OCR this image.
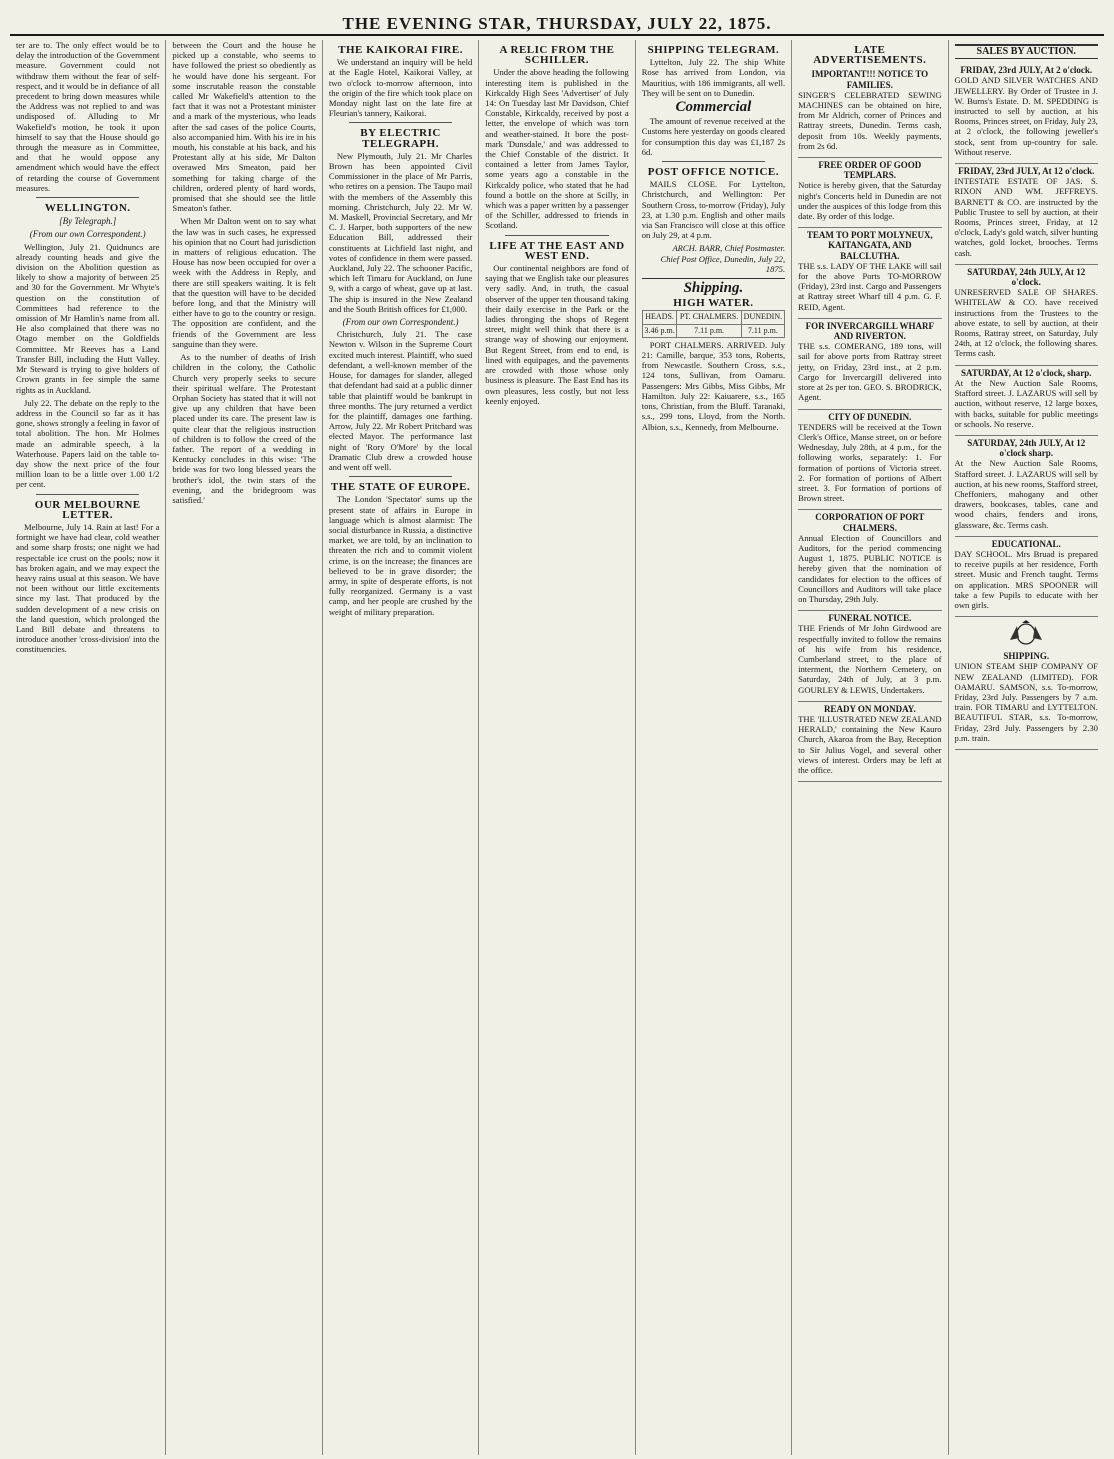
THE EVENING STAR, THURSDAY, JULY 22, 1875.

ter are to. The only effect would be to delay the introduction of the Government measure. Government could not withdraw them without the fear of self-respect, and it would be in defiance of all precedent to bring down measures while the Address was not replied to and was undisposed of. Alluding to Mr Wakefield's motion, he took it upon himself to say that the House should go through the measure as in Committee, and that he would oppose any amendment which would have the effect of retarding the course of Government measures.

WELLINGTON.
[By Telegraph.]
(From our own Correspondent.)

Wellington, July 21. Quidnuncs are already counting heads and give the division on the Abolition question as likely to show a majority of between 25 and 30 for the Government. Mr Whyte's question on the constitution of Committees had reference to the omission of Mr Hamlin's name from all. He also complained that there was no Otago member on the Goldfields Committee. Mr Reeves has a Land Transfer Bill, including the Hutt Valley. Mr Steward is trying to give holders of Crown grants in fee simple the same rights as in Auckland.

July 22. The debate on the reply to the address in the Council so far as it has gone, shows strongly a feeling in favor of total abolition. The hon. Mr Holmes made an admirable speech, à la Waterhouse. Papers laid on the table to-day show the next price of the four million loan to be a little over 1.00 1/2 per cent.

OUR MELBOURNE LETTER.

Melbourne, July 14. Rain at last! For a fortnight we have had clear, cold weather and some sharp frosts; one night we had respectable ice crust on the pools; now it has broken again, and we may expect the heavy rains usual at this season. We have not been without our little excitements since my last. That produced by the sudden development of a new crisis on the land question, which prolonged the Land Bill debate and threatens to introduce another 'cross-division' into the constituencies.

between the Court and the house he picked up a constable, who seems to have followed the priest so obediently as he would have done his sergeant. For some inscrutable reason the constable called Mr Wakefield's attention to the fact that it was not a Protestant minister and a mark of the mysterious, who leads after the sad cases of the police Courts, also accompanied him. With his ire in his mouth, his constable at his back, and his Protestant ally at his side, Mr Dalton overawed Mrs Smeaton, paid her something for taking charge of the children, ordered plenty of hard words, promised that she should see the little Smeaton's father.

When Mr Dalton went on to say what the law was in such cases, he expressed his opinion that no Court had jurisdiction in matters of religious education. The House has now been occupied for over a week with the Address in Reply, and there are still speakers waiting. It is felt that the question will have to be decided before long, and that the Ministry will either have to go to the country or resign. The opposition are confident, and the friends of the Government are less sanguine than they were.

As to the number of deaths of Irish children in the colony, the Catholic Church very properly seeks to secure their spiritual welfare. The Protestant Orphan Society has stated that it will not give up any children that have been placed under its care. The present law is quite clear that the religious instruction of children is to follow the creed of the father. The report of a wedding in Kentucky concludes in this wise: 'The bride was for two long blessed years the brother's idol, the twin stars of the evening, and the bridegroom was satisfied.'

THE KAIKORAI FIRE.

We understand an inquiry will be held at the Eagle Hotel, Kaikorai Valley, at two o'clock to-morrow afternoon, into the origin of the fire which took place on Monday night last on the late fire at Fleurian's tannery, Kaikorai.

BY ELECTRIC TELEGRAPH.

New Plymouth, July 21. Mr Charles Brown has been appointed Civil Commissioner in the place of Mr Parris, who retires on a pension. The Taupo mail with the members of the Assembly this morning. Christchurch, July 22. Mr W. M. Maskell, Provincial Secretary, and Mr C. J. Harper, both supporters of the new Education Bill, addressed their constituents at Lichfield last night, and votes of confidence in them were passed. Auckland, July 22. The schooner Pacific, which left Timaru for Auckland, on June 9, with a cargo of wheat, gave up at last. The ship is insured in the New Zealand and the South British offices for £1,000.

(From our own Correspondent.)

Christchurch, July 21. The case Newton v. Wilson in the Supreme Court excited much interest. Plaintiff, who sued defendant, a well-known member of the House, for damages for slander, alleged that defendant had said at a public dinner table that plaintiff would be bankrupt in three months. The jury returned a verdict for the plaintiff, damages one farthing. Arrow, July 22. Mr Robert Pritchard was elected Mayor. The performance last night of 'Rory O'More' by the local Dramatic Club drew a crowded house and went off well.

THE STATE OF EUROPE.

The London 'Spectator' sums up the present state of affairs in Europe in language which is almost alarmist: The social disturbance in Russia, a distinctive market, we are told, by an inclination to threaten the rich and to commit violent crime, is on the increase; the finances are believed to be in grave disorder; the army, in spite of desperate efforts, is not fully reorganized. Germany is a vast camp, and her people are crushed by the weight of military preparation.

A RELIC FROM THE SCHILLER.

Under the above heading the following interesting item is published in the Kirkcaldy High Sees 'Advertiser' of July 14: On Tuesday last Mr Davidson, Chief Constable, Kirkcaldy, received by post a letter, the envelope of which was torn and weather-stained. It bore the post-mark 'Dunsdale,' and was addressed to the Chief Constable of the district. It contained a letter from James Taylor, some years ago a constable in the Kirkcaldy police, who stated that he had found a bottle on the shore at Scilly, in which was a paper written by a passenger of the Schiller, addressed to friends in Scotland.

LIFE AT THE EAST AND WEST END.

Our continental neighbors are fond of saying that we English take our pleasures very sadly. And, in truth, the casual observer of the upper ten thousand taking their daily exercise in the Park or the ladies thronging the shops of Regent street, might well think that there is a strange way of showing our enjoyment. But Regent Street, from end to end, is lined with equipages, and the pavements are crowded with those whose only business is pleasure. The East End has its own pleasures, less costly, but not less keenly enjoyed.

SHIPPING TELEGRAM.

Lyttelton, July 22. The ship White Rose has arrived from London, via Mauritius, with 186 immigrants, all well. They will be sent on to Dunedin.

Commercial

The amount of revenue received at the Customs here yesterday on goods cleared for consumption this day was £1,187 2s 6d.

POST OFFICE NOTICE.

MAILS CLOSE. For Lyttelton, Christchurch, and Wellington: Per Southern Cross, to-morrow (Friday), July 23, at 1.30 p.m. English and other mails via San Francisco will close at this office on July 29, at 4 p.m.

ARCH. BARR, Chief Postmaster.
Chief Post Office, Dunedin, July 22, 1875.
Shipping.
HIGH WATER.
HEADS.	PT. CHALMERS.	DUNEDIN.
3.46 p.m.	7.11 p.m.	7.11 p.m.

PORT CHALMERS. ARRIVED. July 21: Camille, barque, 353 tons, Roberts, from Newcastle. Southern Cross, s.s., 124 tons, Sullivan, from Oamaru. Passengers: Mrs Gibbs, Miss Gibbs, Mr Hamilton. July 22: Kaiuarere, s.s., 165 tons, Christian, from the Bluff. Taranaki, s.s., 299 tons, Lloyd, from the North. Albion, s.s., Kennedy, from Melbourne.

LATE ADVERTISEMENTS.
IMPORTANT!!! NOTICE TO FAMILIES.

SINGER'S CELEBRATED SEWING MACHINES can be obtained on hire, from Mr Aldrich, corner of Princes and Rattray streets, Dunedin. Terms cash, deposit from 10s. Weekly payments, from 2s 6d.

FREE ORDER OF GOOD TEMPLARS.

Notice is hereby given, that the Saturday night's Concerts held in Dunedin are not under the auspices of this lodge from this date. By order of this lodge.

TEAM TO PORT MOLYNEUX, KAITANGATA, AND BALCLUTHA.

THE s.s. LADY OF THE LAKE will sail for the above Ports TO-MORROW (Friday), 23rd inst. Cargo and Passengers at Rattray street Wharf till 4 p.m. G. F. REID, Agent.

FOR INVERCARGILL WHARF AND RIVERTON.

THE s.s. COMERANG, 189 tons, will sail for above ports from Rattray street jetty, on Friday, 23rd inst., at 2 p.m. Cargo for Invercargill delivered into store at 2s per ton. GEO. S. BRODRICK, Agent.

CITY OF DUNEDIN.

TENDERS will be received at the Town Clerk's Office, Manse street, on or before Wednesday, July 28th, at 4 p.m., for the following works, separately: 1. For formation of portions of Victoria street. 2. For formation of portions of Albert street. 3. For formation of portions of Brown street.

CORPORATION OF PORT CHALMERS.

Annual Election of Councillors and Auditors, for the period commencing August 1, 1875. PUBLIC NOTICE is hereby given that the nomination of candidates for election to the offices of Councillors and Auditors will take place on Thursday, 29th July.

FUNERAL NOTICE.

THE Friends of Mr John Girdwood are respectfully invited to follow the remains of his wife from his residence, Cumberland street, to the place of interment, the Northern Cemetery, on Saturday, 24th of July, at 3 p.m. GOURLEY & LEWIS, Undertakers.

READY ON MONDAY.

THE 'ILLUSTRATED NEW ZEALAND HERALD,' containing the New Kauro Church, Akaroa from the Bay, Reception to Sir Julius Vogel, and several other views of interest. Orders may be left at the office.

SALES BY AUCTION.
FRIDAY, 23rd JULY, At 2 o'clock.

GOLD AND SILVER WATCHES AND JEWELLERY. By Order of Trustee in J. W. Burns's Estate. D. M. SPEDDING is instructed to sell by auction, at his Rooms, Princes street, on Friday, July 23, at 2 o'clock, the following jeweller's stock, sent from up-country for sale. Without reserve.

FRIDAY, 23rd JULY, At 12 o'clock.

INTESTATE ESTATE OF JAS. S. RIXON AND WM. JEFFREYS. BARNETT & CO. are instructed by the Public Trustee to sell by auction, at their Rooms, Princes street, Friday, at 12 o'clock, Lady's gold watch, silver hunting watches, gold locket, brooches. Terms cash.

SATURDAY, 24th JULY, At 12 o'clock.

UNRESERVED SALE OF SHARES. WHITELAW & CO. have received instructions from the Trustees to the above estate, to sell by auction, at their Rooms, Rattray street, on Saturday, July 24th, at 12 o'clock, the following shares. Terms cash.

SATURDAY, At 12 o'clock, sharp.

At the New Auction Sale Rooms, Stafford street. J. LAZARUS will sell by auction, without reserve, 12 large boxes, with backs, suitable for public meetings or schools. No reserve.

SATURDAY, 24th JULY, At 12 o'clock sharp.

At the New Auction Sale Rooms, Stafford street. J. LAZARUS will sell by auction, at his new rooms, Stafford street, Cheffoniers, mahogany and other drawers, bookcases, tables, cane and wood chairs, fenders and irons, glassware, &c. Terms cash.

EDUCATIONAL.

DAY SCHOOL. Mrs Bruad is prepared to receive pupils at her residence, Forth street. Music and French taught. Terms on application. MRS SPOONER will take a few Pupils to educate with her own girls.

SHIPPING.

UNION STEAM SHIP COMPANY OF NEW ZEALAND (LIMITED). FOR OAMARU. SAMSON, s.s. To-morrow, Friday, 23rd July. Passengers by 7 a.m. train. FOR TIMARU and LYTTELTON. BEAUTIFUL STAR, s.s. To-morrow, Friday, 23rd July. Passengers by 2.30 p.m. train.
